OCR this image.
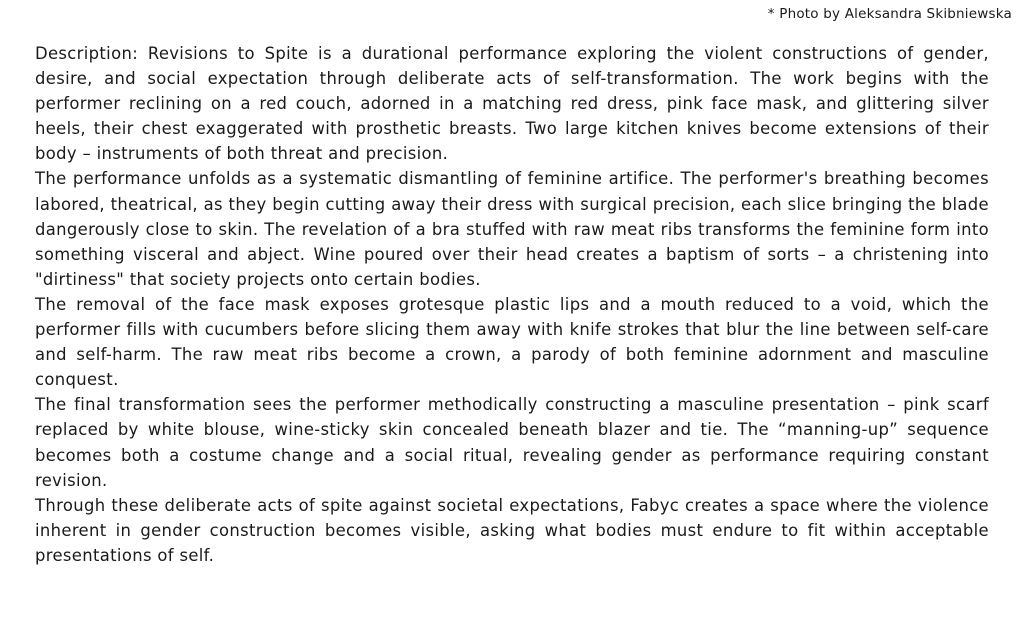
* Photo by Aleksandra Skibniewska

Description: Revisions to Spite is a durational performance exploring the violent constructions of gender, desire, and social expectation through deliberate acts of self-transformation. The work begins with the performer reclining on a red couch, adorned in a matching red dress, pink face mask, and glittering silver heels, their chest exaggerated with prosthetic breasts. Two large kitchen knives become extensions of their body – instruments of both threat and precision.

The performance unfolds as a systematic dismantling of feminine artifice. The performer's breathing becomes labored, theatrical, as they begin cutting away their dress with surgical precision, each slice bringing the blade dangerously close to skin. The revelation of a bra stuffed with raw meat ribs transforms the feminine form into something visceral and abject. Wine poured over their head creates a baptism of sorts – a christening into "dirtiness" that society projects onto certain bodies.

The removal of the face mask exposes grotesque plastic lips and a mouth reduced to a void, which the performer fills with cucumbers before slicing them away with knife strokes that blur the line between self-care and self-harm. The raw meat ribs become a crown, a parody of both feminine adornment and masculine conquest.

The final transformation sees the performer methodically constructing a masculine presentation – pink scarf replaced by white blouse, wine-sticky skin concealed beneath blazer and tie. The “manning-up” sequence becomes both a costume change and a social ritual, revealing gender as performance requiring constant revision.

Through these deliberate acts of spite against societal expectations, Fabyc creates a space where the violence inherent in gender construction becomes visible, asking what bodies must endure to fit within acceptable presentations of self.
